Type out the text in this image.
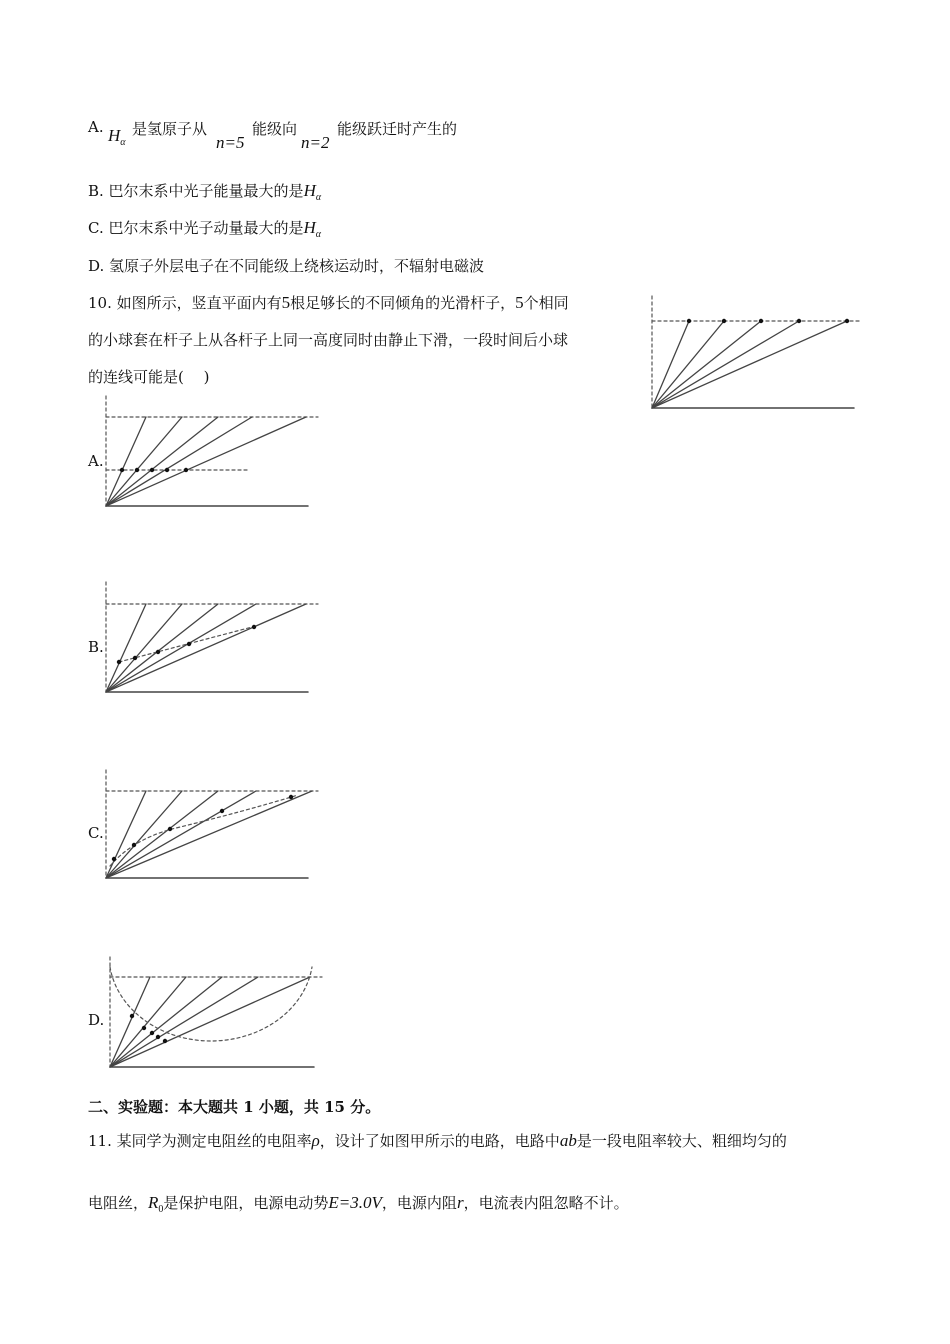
A. $H_\alpha$
是氢原子从
n=5
能级向
n=2
能级跃迁时产生的
B. 巴尔末系中光子能量最大的是$H_\alpha$
C. 巴尔末系中光子动量最大的是$H_\alpha$
D. 氢原子外层电子在不同能级上绕核运动时，不辐射电磁波
10. 如图所示，竖直平面内有5根足够长的不同倾角的光滑杆子，5个相同
的小球套在杆子上从各杆子上同一高度同时由静止下滑，一段时间后小球
的连线可能是(　 )
A.
B.
C.
D.
二、实验题：本大题共 1 小题，共 15 分。
11. 某同学为测定电阻丝的电阻率ρ，设计了如图甲所示的电路，电路中ab是一段电阻率较大、粗细均匀的
电阻丝，$R_0$是保护电阻，电源电动势E=3.0V，电源内阻r，电流表内阻忽略不计。
